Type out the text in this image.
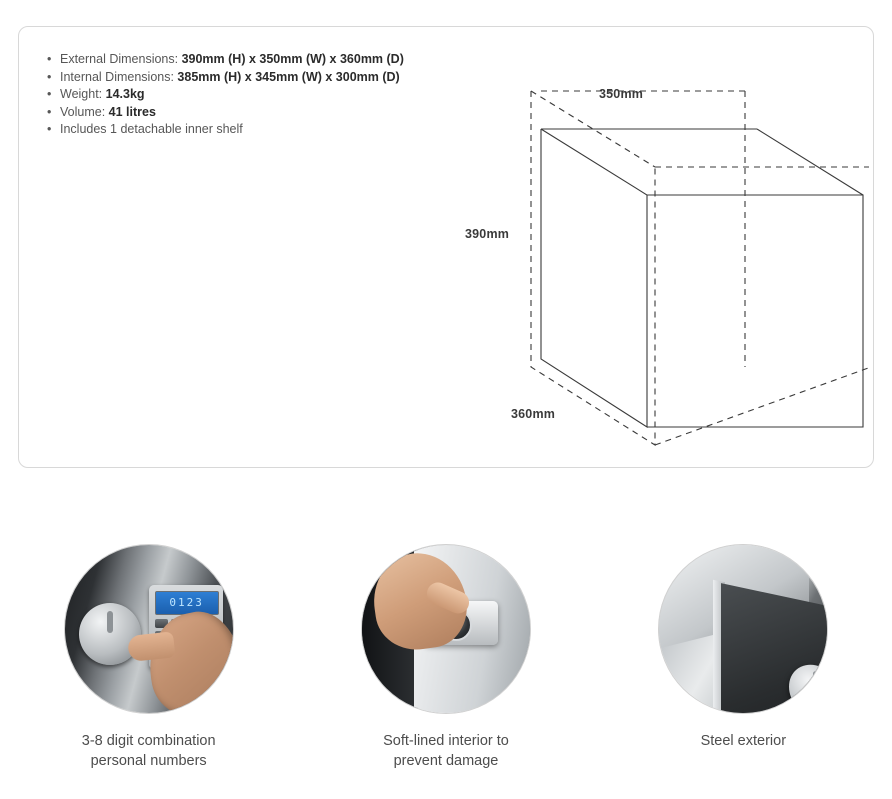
• External Dimensions: 390mm (H) x 350mm (W) x 360mm (D)
• Internal Dimensions: 385mm (H) x 345mm (W) x 300mm (D)
• Weight: 14.3kg
• Volume: 41 litres
• Includes 1 detachable inner shelf
350mm
390mm
360mm
0123
3-8 digit combination
personal numbers
Soft-lined interior to
prevent damage
Steel exterior
